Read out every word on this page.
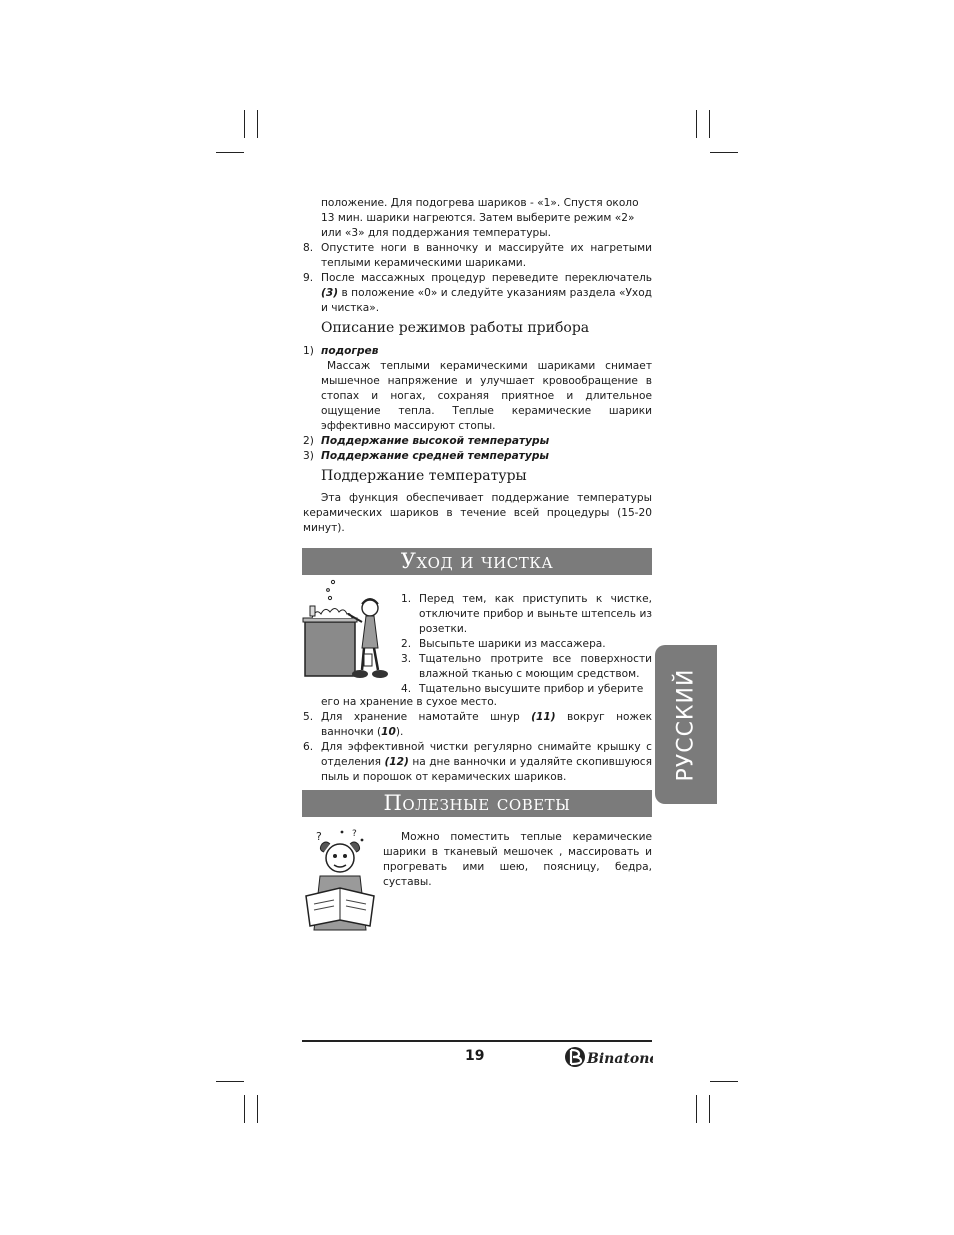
положение. Для подогрева шариков - «1». Спустя около

13 мин. шарики нагреются. Затем выберите режим «2»

или «3» для поддержания температуры.

8. Опустите ноги в ванночку и массируйте их нагретыми теплыми керамическими шариками.
9. После массажных процедур переведите переключатель (3) в положение «0» и следуйте указаниям раздела «Уход и чистка».
Описание режимов работы прибора
1) подогрев

Массаж теплыми керамическими шариками снимает мышечное напряжение и улучшает кровообращение в стопах и ногах, сохраняя приятное и длительное ощущение тепла. Теплые керамические шарики эффективно массируют стопы.

2) Поддержание высокой температуры
3) Поддержание средней температуры
Поддержание температуры
Эта функция обеспечивает поддержание температуры керамических шариков в течение всей процедуры (15-20 минут).
Уход и чистка
1. Перед тем, как приступить к чистке, отключите прибор и выньте штепсель из розетки.
2. Высыпьте шарики из массажера.
3. Тщательно протрите все поверхности влажной тканью с моющим средством.
4. Тщательно высушите прибор и уберите

его на хранение в сухое место.

5. Для хранение намотайте шнур (11) вокруг ножек ванночки (10).
6. Для эффективной чистки регулярно снимайте крышку с отделения (12) на дне ванночки и удаляйте скопившуюся пыль и порошок от керамических шариков.
Полезные советы
?	?	Можно поместить теплые керамические шарики в тканевый мешочек , массировать и прогревать ими шею, поясницу, бедра, суставы.
РУССКИЙ
19	Binatone
